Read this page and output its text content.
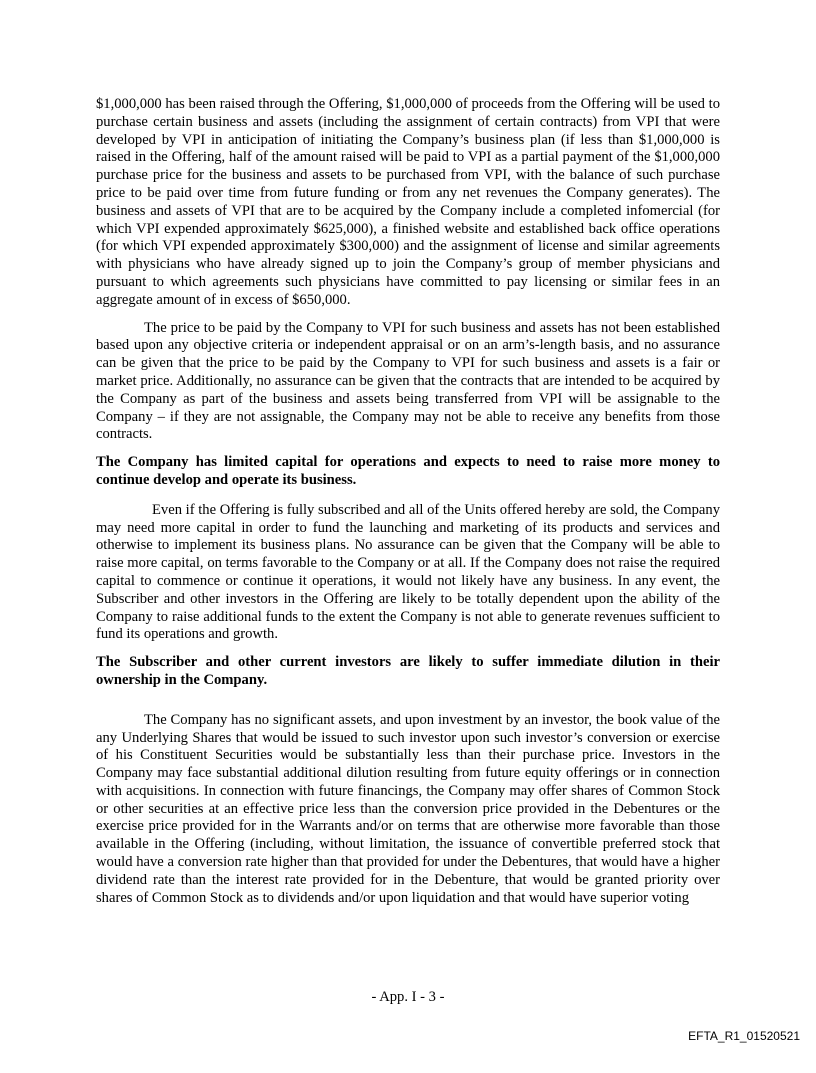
$1,000,000 has been raised through the Offering, $1,000,000 of proceeds from the Offering will be used to purchase certain business and assets (including the assignment of certain contracts) from VPI that were developed by VPI in anticipation of initiating the Company’s business plan (if less than $1,000,000 is raised in the Offering, half of the amount raised will be paid to VPI as a partial payment of the $1,000,000 purchase price for the business and assets to be purchased from VPI, with the balance of such purchase price to be paid over time from future funding or from any net revenues the Company generates). The business and assets of VPI that are to be acquired by the Company include a completed infomercial (for which VPI expended approximately $625,000), a finished website and established back office operations (for which VPI expended approximately $300,000) and the assignment of license and similar agreements with physicians who have already signed up to join the Company’s group of member physicians and pursuant to which agreements such physicians have committed to pay licensing or similar fees in an aggregate amount of in excess of $650,000.

The price to be paid by the Company to VPI for such business and assets has not been established based upon any objective criteria or independent appraisal or on an arm’s-length basis, and no assurance can be given that the price to be paid by the Company to VPI for such business and assets is a fair or market price. Additionally, no assurance can be given that the contracts that are intended to be acquired by the Company as part of the business and assets being transferred from VPI will be assignable to the Company – if they are not assignable, the Company may not be able to receive any benefits from those contracts.

The Company has limited capital for operations and expects to need to raise more money to continue develop and operate its business.

Even if the Offering is fully subscribed and all of the Units offered hereby are sold, the Company may need more capital in order to fund the launching and marketing of its products and services and otherwise to implement its business plans. No assurance can be given that the Company will be able to raise more capital, on terms favorable to the Company or at all. If the Company does not raise the required capital to commence or continue it operations, it would not likely have any business. In any event, the Subscriber and other investors in the Offering are likely to be totally dependent upon the ability of the Company to raise additional funds to the extent the Company is not able to generate revenues sufficient to fund its operations and growth.

The Subscriber and other current investors are likely to suffer immediate dilution in their ownership in the Company.

The Company has no significant assets, and upon investment by an investor, the book value of the any Underlying Shares that would be issued to such investor upon such investor’s conversion or exercise of his Constituent Securities would be substantially less than their purchase price. Investors in the Company may face substantial additional dilution resulting from future equity offerings or in connection with acquisitions. In connection with future financings, the Company may offer shares of Common Stock or other securities at an effective price less than the conversion price provided in the Debentures or the exercise price provided for in the Warrants and/or on terms that are otherwise more favorable than those available in the Offering (including, without limitation, the issuance of convertible preferred stock that would have a conversion rate higher than that provided for under the Debentures, that would have a higher dividend rate than the interest rate provided for in the Debenture, that would be granted priority over shares of Common Stock as to dividends and/or upon liquidation and that would have superior voting

- App. I - 3 -
EFTA_R1_01520521
